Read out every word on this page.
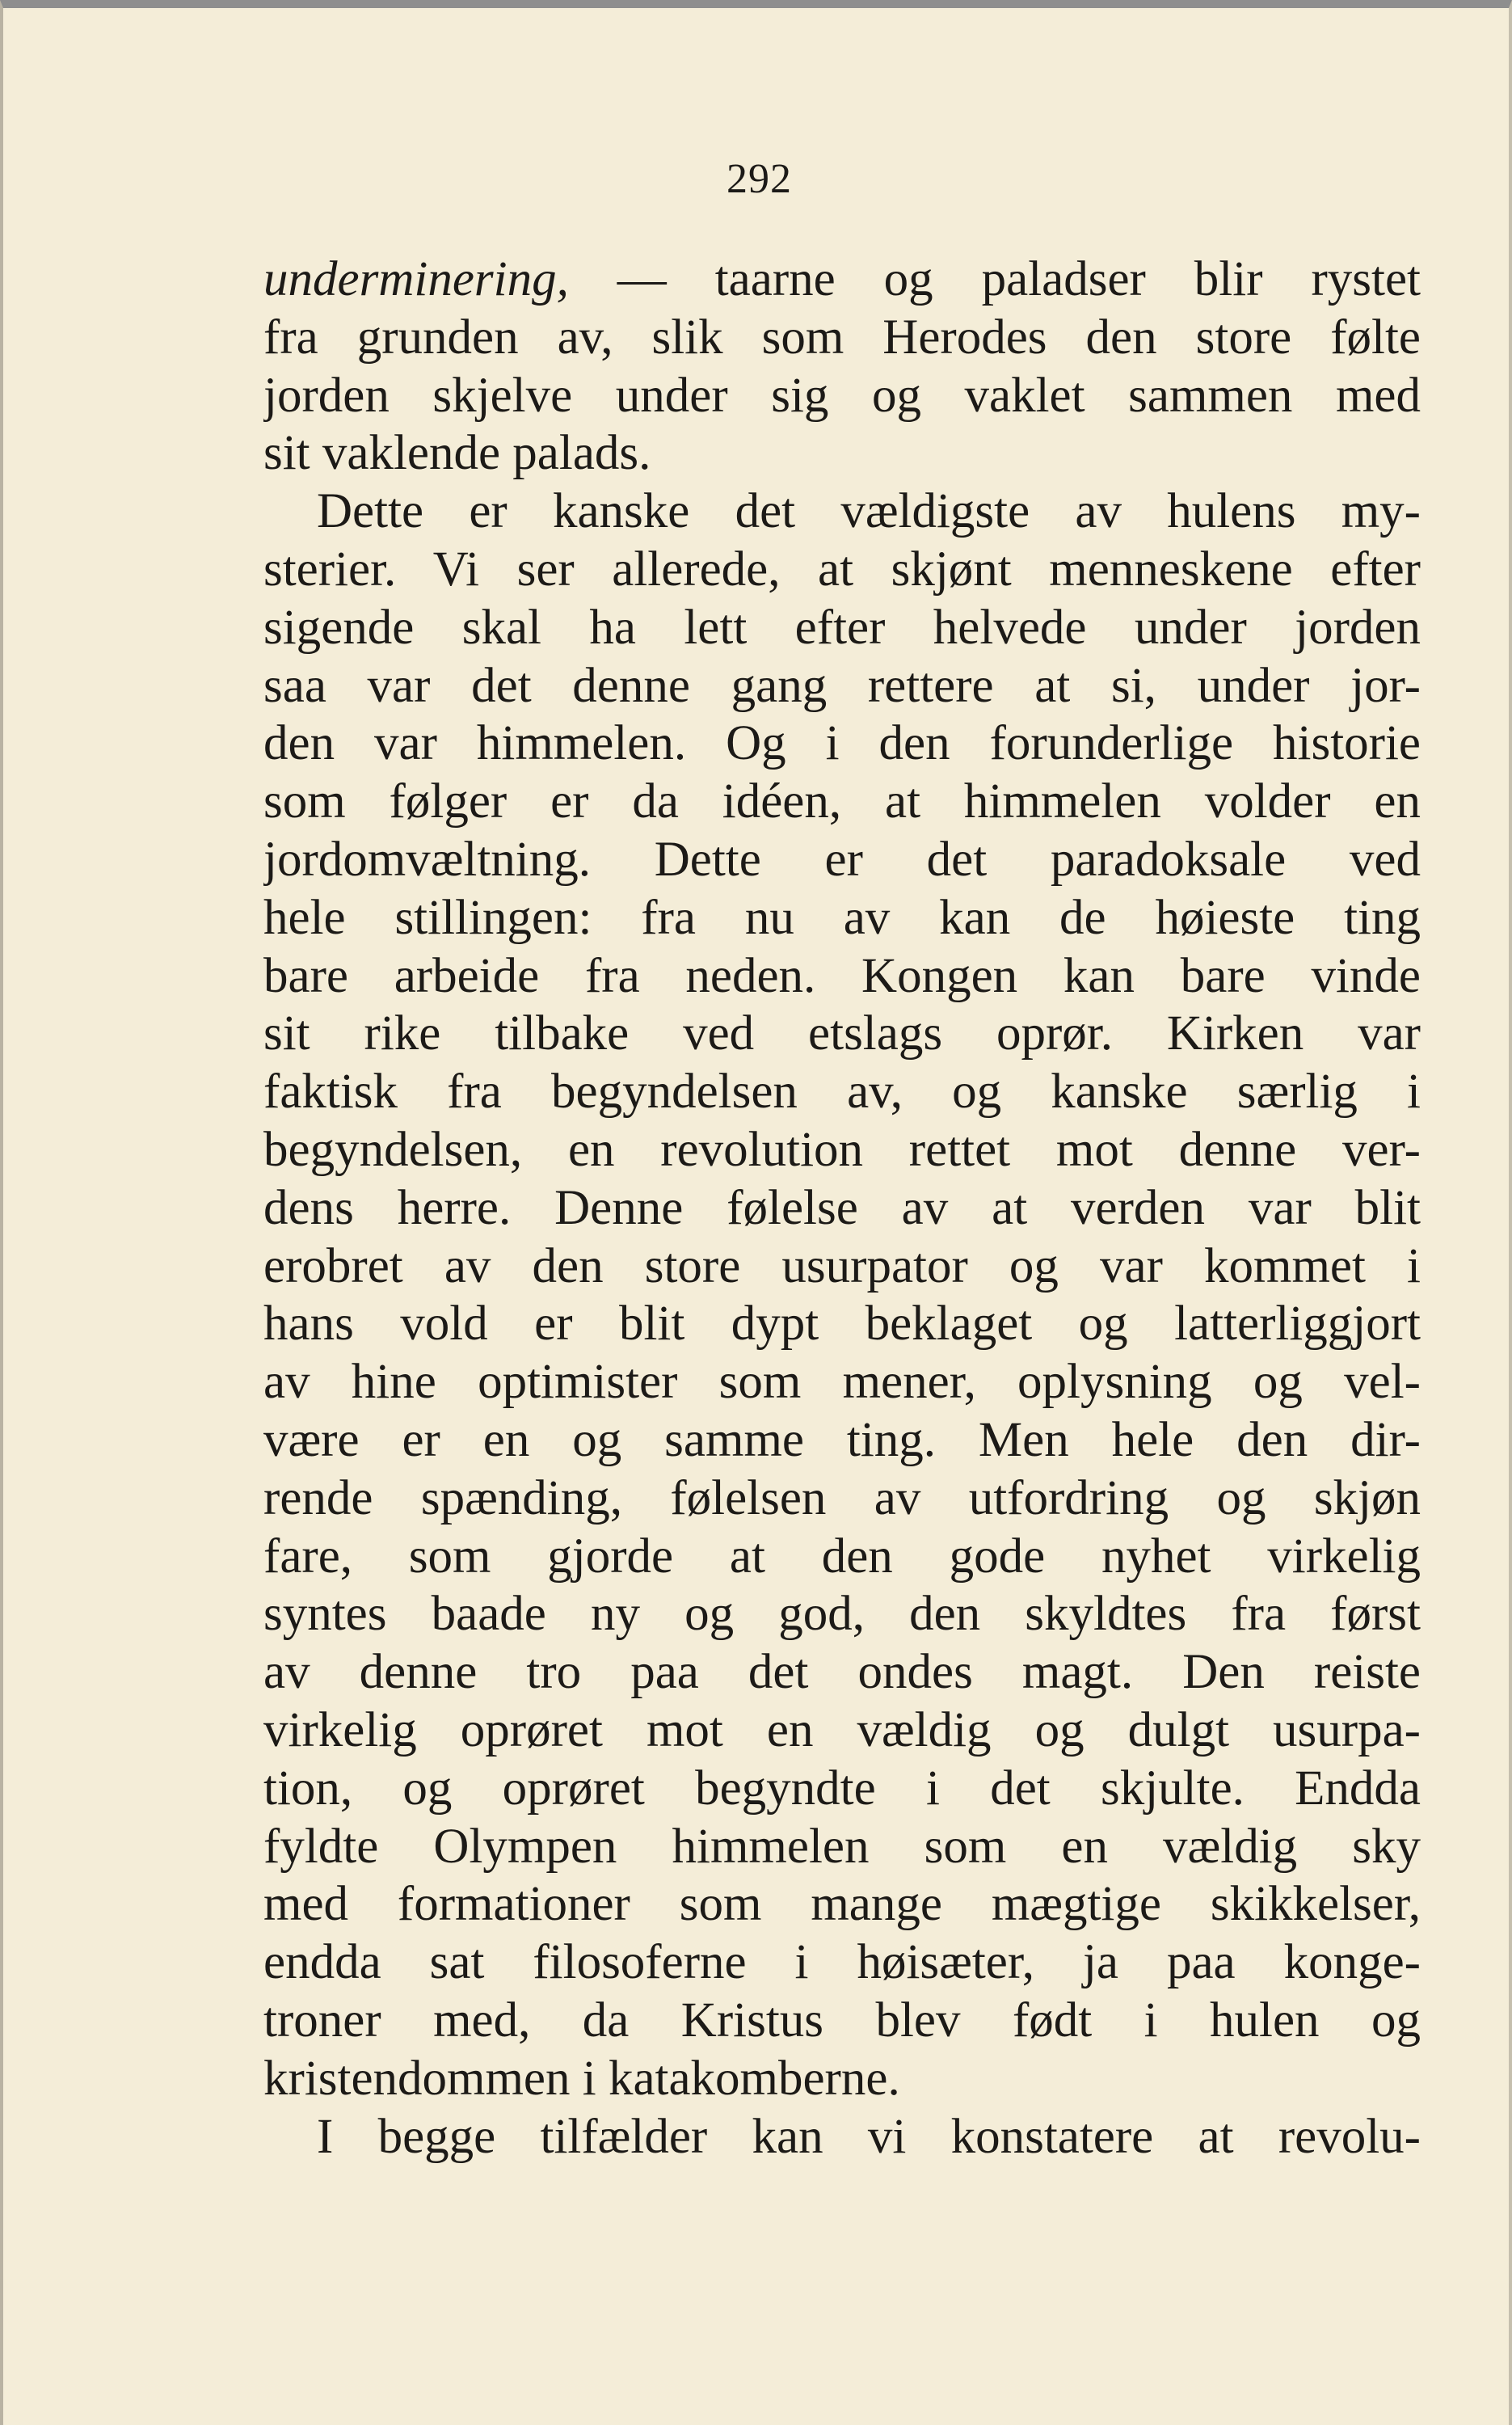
292
underminering, — taarne og paladser blir rystet
fra grunden av, slik som Herodes den store følte
jorden skjelve under sig og vaklet sammen med
sit vaklende palads.
Dette er kanske det vældigste av hulens my-
sterier. Vi ser allerede, at skjønt menneskene efter
sigende skal ha lett efter helvede under jorden
saa var det denne gang rettere at si, under jor-
den var himmelen. Og i den forunderlige historie
som følger er da idéen, at himmelen volder en
jordomvæltning. Dette er det paradoksale ved
hele stillingen: fra nu av kan de høieste ting
bare arbeide fra neden. Kongen kan bare vinde
sit rike tilbake ved etslags oprør. Kirken var
faktisk fra begyndelsen av, og kanske særlig i
begyndelsen, en revolution rettet mot denne ver-
dens herre. Denne følelse av at verden var blit
erobret av den store usurpator og var kommet i
hans vold er blit dypt beklaget og latterliggjort
av hine optimister som mener, oplysning og vel-
være er en og samme ting. Men hele den dir-
rende spænding, følelsen av utfordring og skjøn
fare, som gjorde at den gode nyhet virkelig
syntes baade ny og god, den skyldtes fra først
av denne tro paa det ondes magt. Den reiste
virkelig oprøret mot en vældig og dulgt usurpa-
tion, og oprøret begyndte i det skjulte. Endda
fyldte Olympen himmelen som en vældig sky
med formationer som mange mægtige skikkelser,
endda sat filosoferne i høisæter, ja paa konge-
troner med, da Kristus blev født i hulen og
kristendommen i katakomberne.
I begge tilfælder kan vi konstatere at revolu-
